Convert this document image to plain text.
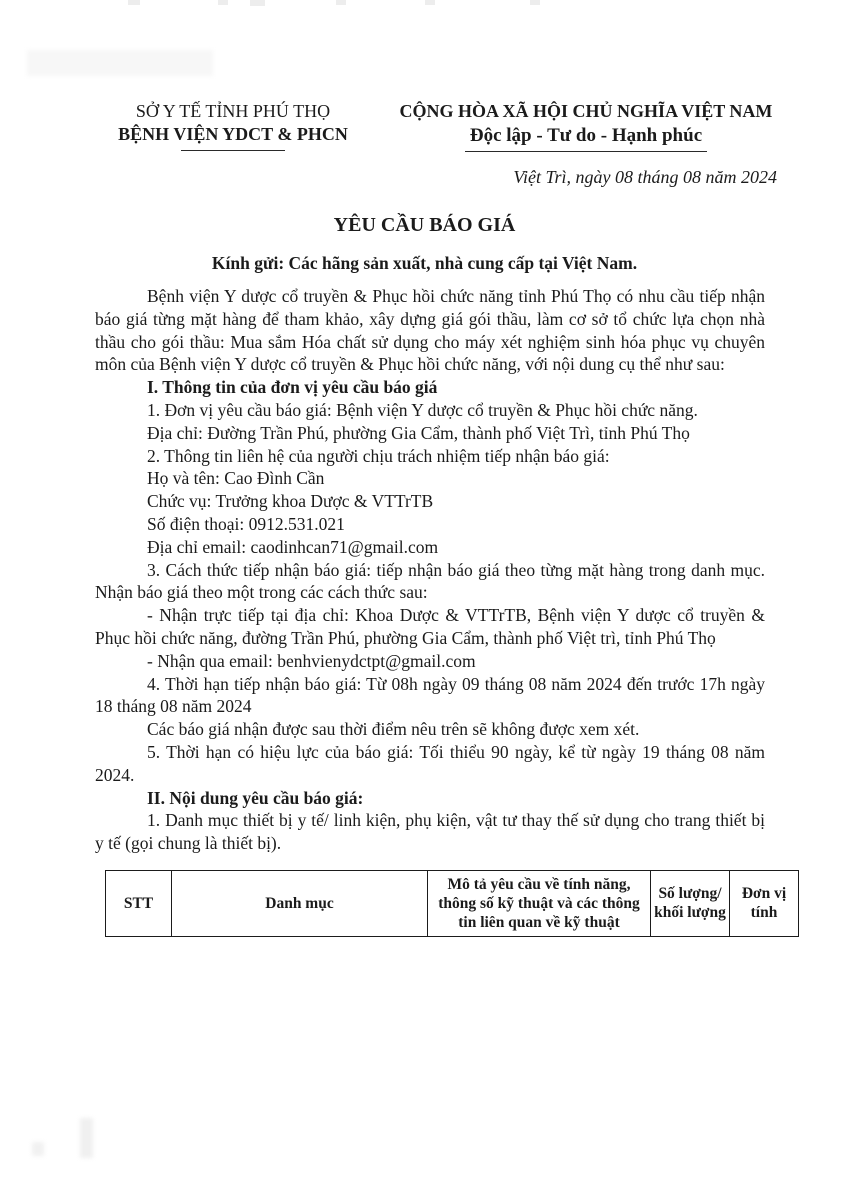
SỞ Y TẾ TỈNH PHÚ THỌ
BỆNH VIỆN YDCT & PHCN
CỘNG HÒA XÃ HỘI CHỦ NGHĨA VIỆT NAM
Độc lập - Tư do - Hạnh phúc
Việt Trì, ngày 08 tháng 08 năm 2024
YÊU CẦU BÁO GIÁ
Kính gửi: Các hãng sản xuất, nhà cung cấp tại Việt Nam.

Bệnh viện Y dược cổ truyền & Phục hồi chức năng tỉnh Phú Thọ có nhu cầu tiếp nhận báo giá từng mặt hàng để tham khảo, xây dựng giá gói thầu, làm cơ sở tổ chức lựa chọn nhà thầu cho gói thầu: Mua sắm Hóa chất sử dụng cho máy xét nghiệm sinh hóa phục vụ chuyên môn của Bệnh viện Y dược cổ truyền & Phục hồi chức năng, với nội dung cụ thể như sau:

I. Thông tin của đơn vị yêu cầu báo giá

1. Đơn vị yêu cầu báo giá: Bệnh viện Y dược cổ truyền & Phục hồi chức năng.

Địa chỉ: Đường Trần Phú, phường Gia Cẩm, thành phố Việt Trì, tỉnh Phú Thọ

2. Thông tin liên hệ của người chịu trách nhiệm tiếp nhận báo giá:

Họ và tên: Cao Đình Cần

Chức vụ: Trưởng khoa Dược & VTTrTB

Số điện thoại: 0912.531.021

Địa chỉ email: caodinhcan71@gmail.com

3. Cách thức tiếp nhận báo giá: tiếp nhận báo giá theo từng mặt hàng trong danh mục. Nhận báo giá theo một trong các cách thức sau:

- Nhận trực tiếp tại địa chỉ: Khoa Dược & VTTrTB, Bệnh viện Y dược cổ truyền & Phục hồi chức năng, đường Trần Phú, phường Gia Cẩm, thành phố Việt trì, tỉnh Phú Thọ

- Nhận qua email: benhvienydctpt@gmail.com

4. Thời hạn tiếp nhận báo giá: Từ 08h ngày 09 tháng 08 năm 2024 đến trước 17h ngày 18 tháng 08 năm 2024

Các báo giá nhận được sau thời điểm nêu trên sẽ không được xem xét.

5. Thời hạn có hiệu lực của báo giá: Tối thiểu 90 ngày, kể từ ngày 19 tháng 08 năm 2024.

II. Nội dung yêu cầu báo giá:

1. Danh mục thiết bị y tế/ linh kiện, phụ kiện, vật tư thay thế sử dụng cho trang thiết bị y tế (gọi chung là thiết bị).

STT	Danh mục	Mô tả yêu cầu về tính năng, thông số kỹ thuật và các thông tin liên quan về kỹ thuật	Số lượng/ khối lượng	Đơn vị tính
